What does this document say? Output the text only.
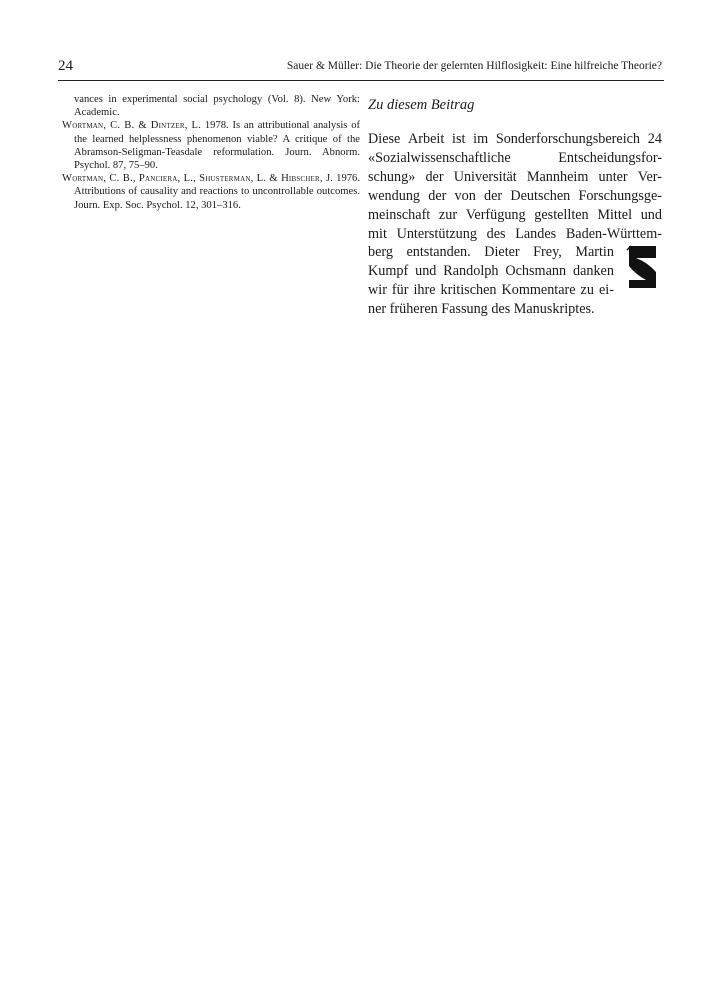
24	Sauer & Müller: Die Theorie der gelernten Hilflosigkeit: Eine hilfreiche Theorie?

vances in experimental social psychology (Vol. 8). New York: Academic.

Wortman, C. B. & Dintzer, L. 1978. Is an attributional analysis of the learned helplessness phenomenon viable? A critique of the Abramson-Seligman-Teasdale reformulation. Journ. Abnorm. Psychol. 87, 75–90.

Wortman, C. B., Panciera, L., Shusterman, L. & Hibscher, J. 1976. Attributions of causality and reactions to uncontrollable outcomes. Journ. Exp. Soc. Psychol. 12, 301–316.

Zu diesem Beitrag

Diese Arbeit ist im Sonderforschungsbereich 24
«Sozialwissenschaftliche	Entscheidungsfor-
schung» der Universität Mannheim unter Ver-
wendung der von der Deutschen Forschungsge-
meinschaft zur Verfügung gestellten Mittel und
mit Unterstützung des Landes Baden-Württem-
berg entstanden. Dieter Frey, Martin
Kumpf und Randolph Ochsmann danken
wir für ihre kritischen Kommentare zu ei-
ner früheren Fassung des Manuskriptes.
